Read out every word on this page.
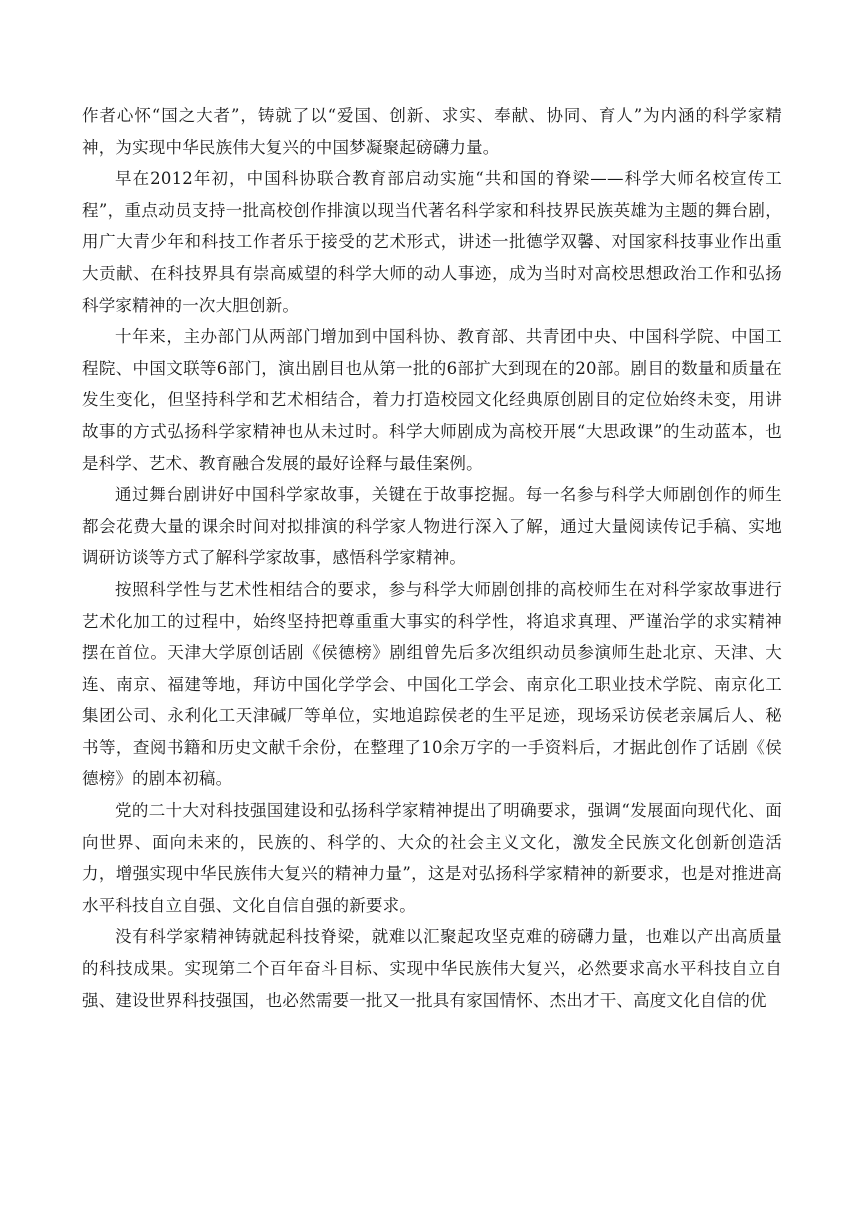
作者心怀“国之大者”，铸就了以“爱国、创新、求实、奉献、协同、育人”为内涵的科学家精神，为实现中华民族伟大复兴的中国梦凝聚起磅礴力量。

早在2012年初，中国科协联合教育部启动实施“共和国的脊梁——科学大师名校宣传工程”，重点动员支持一批高校创作排演以现当代著名科学家和科技界民族英雄为主题的舞台剧，用广大青少年和科技工作者乐于接受的艺术形式，讲述一批德学双馨、对国家科技事业作出重大贡献、在科技界具有崇高威望的科学大师的动人事迹，成为当时对高校思想政治工作和弘扬科学家精神的一次大胆创新。

十年来，主办部门从两部门增加到中国科协、教育部、共青团中央、中国科学院、中国工程院、中国文联等6部门，演出剧目也从第一批的6部扩大到现在的20部。剧目的数量和质量在发生变化，但坚持科学和艺术相结合，着力打造校园文化经典原创剧目的定位始终未变，用讲故事的方式弘扬科学家精神也从未过时。科学大师剧成为高校开展“大思政课”的生动蓝本，也是科学、艺术、教育融合发展的最好诠释与最佳案例。

通过舞台剧讲好中国科学家故事，关键在于故事挖掘。每一名参与科学大师剧创作的师生都会花费大量的课余时间对拟排演的科学家人物进行深入了解，通过大量阅读传记手稿、实地调研访谈等方式了解科学家故事，感悟科学家精神。

按照科学性与艺术性相结合的要求，参与科学大师剧创排的高校师生在对科学家故事进行艺术化加工的过程中，始终坚持把尊重重大事实的科学性，将追求真理、严谨治学的求实精神摆在首位。天津大学原创话剧《侯德榜》剧组曾先后多次组织动员参演师生赴北京、天津、大连、南京、福建等地，拜访中国化学学会、中国化工学会、南京化工职业技术学院、南京化工集团公司、永利化工天津碱厂等单位，实地追踪侯老的生平足迹，现场采访侯老亲属后人、秘书等，查阅书籍和历史文献千余份，在整理了10余万字的一手资料后，才据此创作了话剧《侯德榜》的剧本初稿。

党的二十大对科技强国建设和弘扬科学家精神提出了明确要求，强调“发展面向现代化、面向世界、面向未来的，民族的、科学的、大众的社会主义文化，激发全民族文化创新创造活力，增强实现中华民族伟大复兴的精神力量”，这是对弘扬科学家精神的新要求，也是对推进高水平科技自立自强、文化自信自强的新要求。

没有科学家精神铸就起科技脊梁，就难以汇聚起攻坚克难的磅礴力量，也难以产出高质量的科技成果。实现第二个百年奋斗目标、实现中华民族伟大复兴，必然要求高水平科技自立自强、建设世界科技强国，也必然需要一批又一批具有家国情怀、杰出才干、高度文化自信的优
